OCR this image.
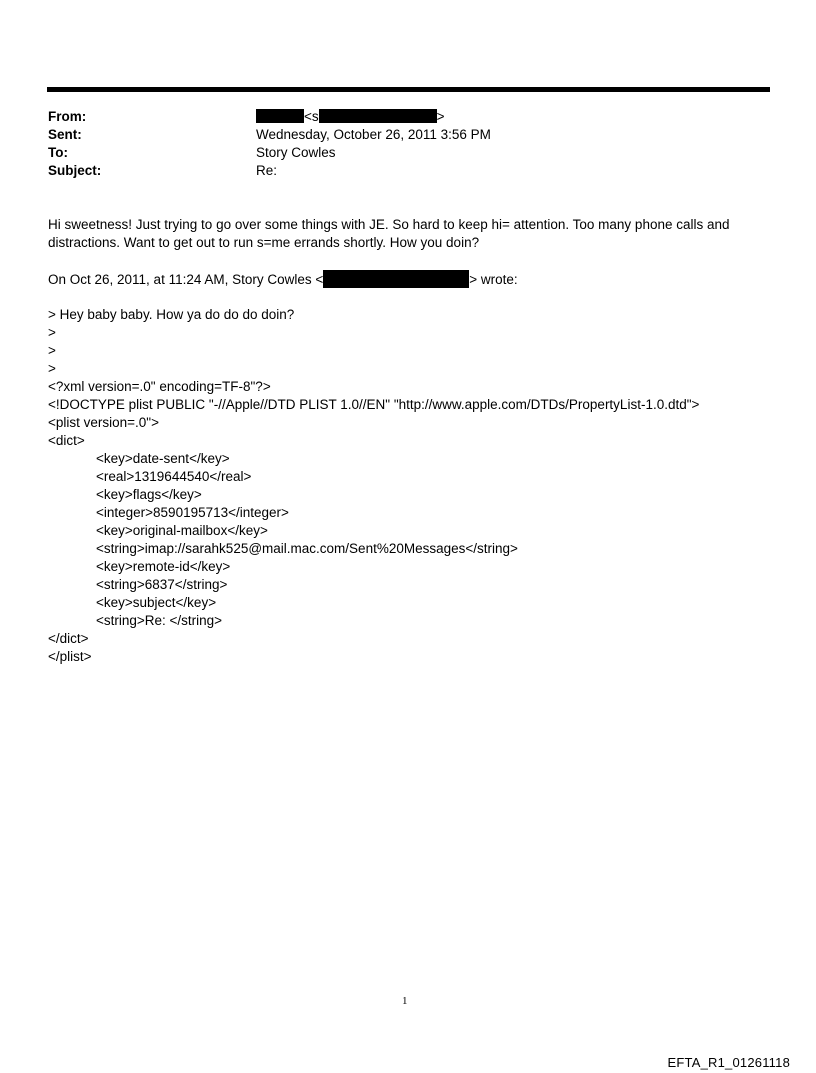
From:	<s	>
Sent:	Wednesday, October 26, 2011 3:56 PM
To:	Story Cowles
Subject:	Re:
Hi sweetness! Just trying to go over some things with JE. So hard to keep hi= attention. Too many phone calls and
distractions. Want to get out to run s=me errands shortly. How you doin?
On Oct 26, 2011, at 11:24 AM, Story Cowles <	> wrote:
> Hey baby baby. How ya do do do doin?
>
>
>
<?xml version=.0" encoding=TF-8"?>
<!DOCTYPE plist PUBLIC "-//Apple//DTD PLIST 1.0//EN" "http://www.apple.com/DTDs/PropertyList-1.0.dtd">
<plist version=.0">
<dict>
<key>date-sent</key>
<real>1319644540</real>
<key>flags</key>
<integer>8590195713</integer>
<key>original-mailbox</key>
<string>imap://sarahk525@mail.mac.com/Sent%20Messages</string>
<key>remote-id</key>
<string>6837</string>
<key>subject</key>
<string>Re: </string>
</dict>
</plist>
1
EFTA_R1_01261118
